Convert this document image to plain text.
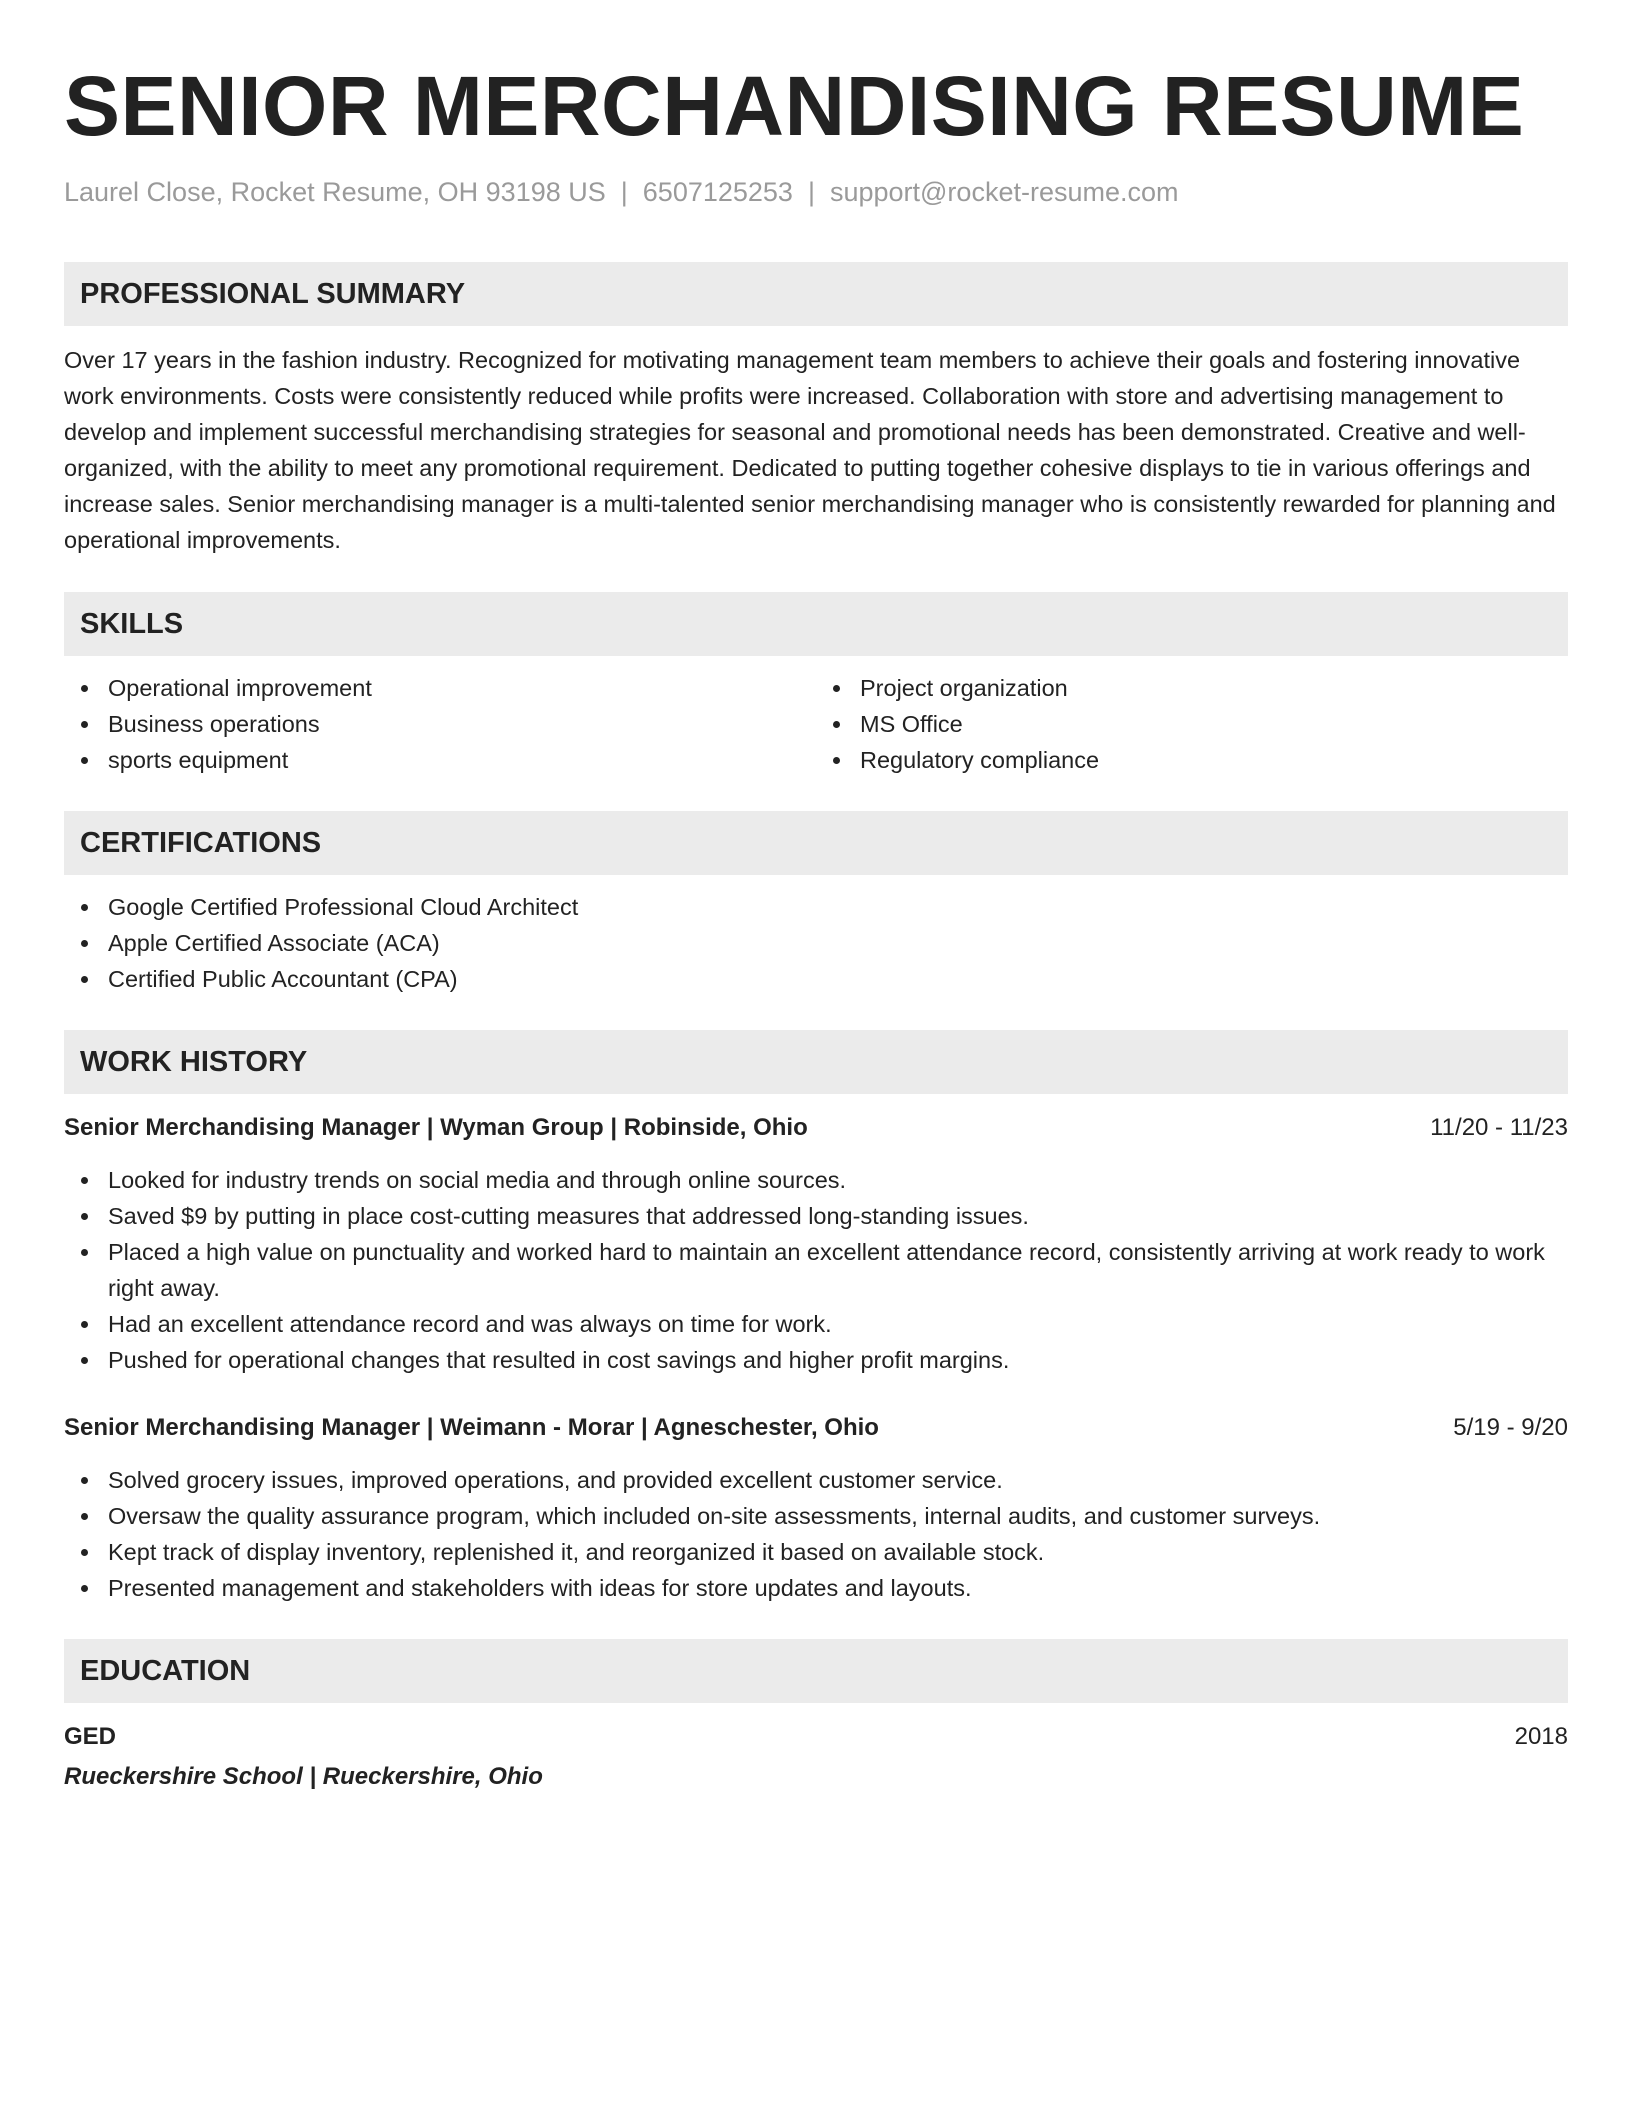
SENIOR MERCHANDISING RESUME
Laurel Close, Rocket Resume, OH 93198 US | 6507125253 | support@rocket-resume.com
PROFESSIONAL SUMMARY

Over 17 years in the fashion industry. Recognized for motivating management team members to achieve their goals and fostering innovative work environments. Costs were consistently reduced while profits were increased. Collaboration with store and advertising management to develop and implement successful merchandising strategies for seasonal and promotional needs has been demonstrated. Creative and well-organized, with the ability to meet any promotional requirement. Dedicated to putting together cohesive displays to tie in various offerings and increase sales. Senior merchandising manager is a multi-talented senior merchandising manager who is consistently rewarded for planning and operational improvements.

SKILLS
Operational improvement
Business operations
sports equipment
Project organization
MS Office
Regulatory compliance
CERTIFICATIONS
Google Certified Professional Cloud Architect
Apple Certified Associate (ACA)
Certified Public Accountant (CPA)
WORK HISTORY
Senior Merchandising Manager | Wyman Group | Robinside, Ohio	11/20 - 11/23
Looked for industry trends on social media and through online sources.
Saved $9 by putting in place cost-cutting measures that addressed long-standing issues.
Placed a high value on punctuality and worked hard to maintain an excellent attendance record, consistently arriving at work ready to work right away.
Had an excellent attendance record and was always on time for work.
Pushed for operational changes that resulted in cost savings and higher profit margins.
Senior Merchandising Manager | Weimann - Morar | Agneschester, Ohio	5/19 - 9/20
Solved grocery issues, improved operations, and provided excellent customer service.
Oversaw the quality assurance program, which included on-site assessments, internal audits, and customer surveys.
Kept track of display inventory, replenished it, and reorganized it based on available stock.
Presented management and stakeholders with ideas for store updates and layouts.
EDUCATION
GED	2018
Rueckershire School | Rueckershire, Ohio
